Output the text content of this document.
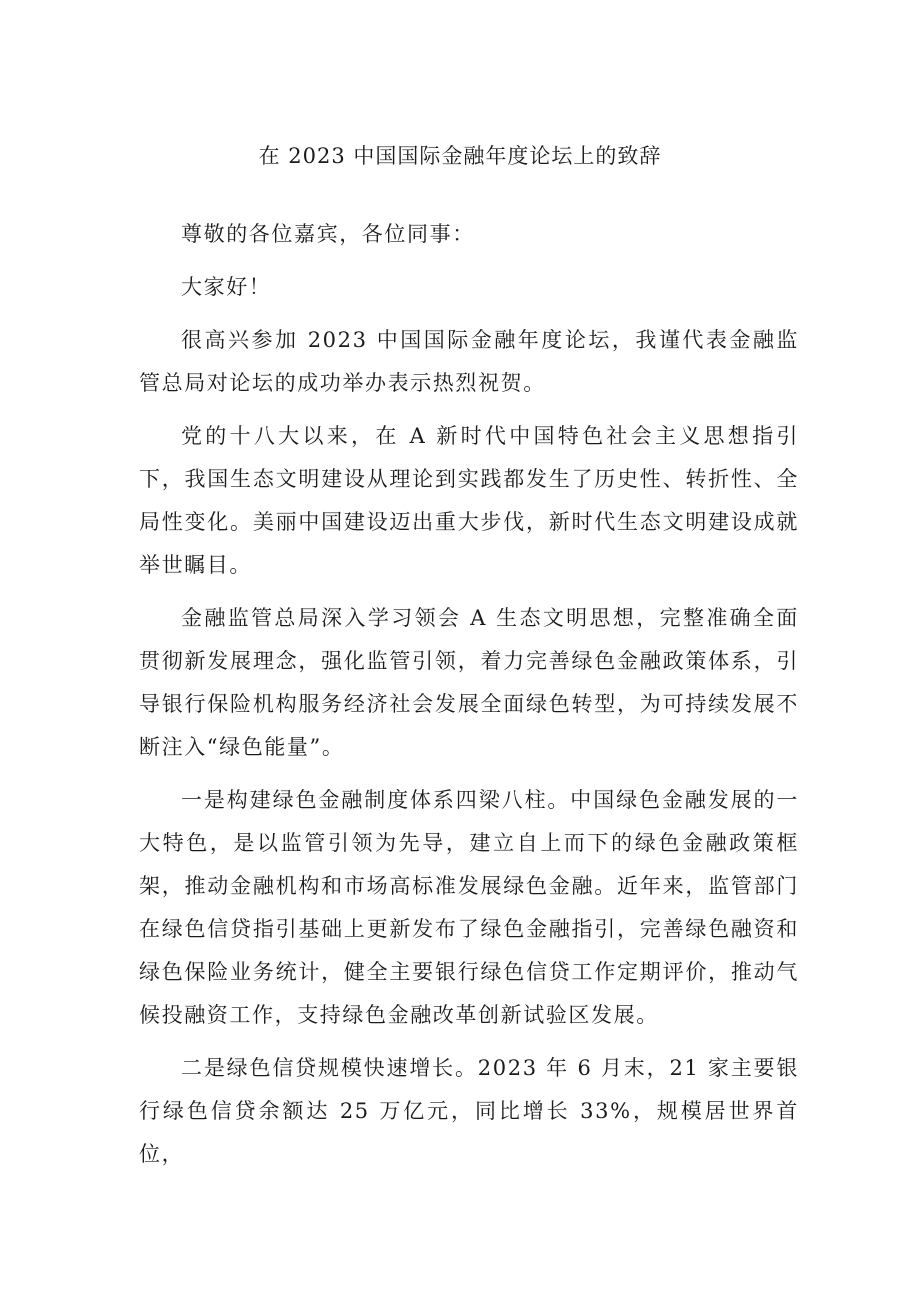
在 2023 中国国际金融年度论坛上的致辞

尊敬的各位嘉宾，各位同事：

大家好！

很高兴参加 2023 中国国际金融年度论坛，我谨代表金融监管总局对论坛的成功举办表示热烈祝贺。

党的十八大以来，在 A 新时代中国特色社会主义思想指引下，我国生态文明建设从理论到实践都发生了历史性、转折性、全局性变化。美丽中国建设迈出重大步伐，新时代生态文明建设成就举世瞩目。

金融监管总局深入学习领会 A 生态文明思想，完整准确全面贯彻新发展理念，强化监管引领，着力完善绿色金融政策体系，引导银行保险机构服务经济社会发展全面绿色转型，为可持续发展不断注入“绿色能量”。

一是构建绿色金融制度体系四梁八柱。中国绿色金融发展的一大特色，是以监管引领为先导，建立自上而下的绿色金融政策框架，推动金融机构和市场高标准发展绿色金融。近年来，监管部门在绿色信贷指引基础上更新发布了绿色金融指引，完善绿色融资和绿色保险业务统计，健全主要银行绿色信贷工作定期评价，推动气候投融资工作，支持绿色金融改革创新试验区发展。

二是绿色信贷规模快速增长。2023 年 6 月末，21 家主要银行绿色信贷余额达 25 万亿元，同比增长 33%，规模居世界首位，
